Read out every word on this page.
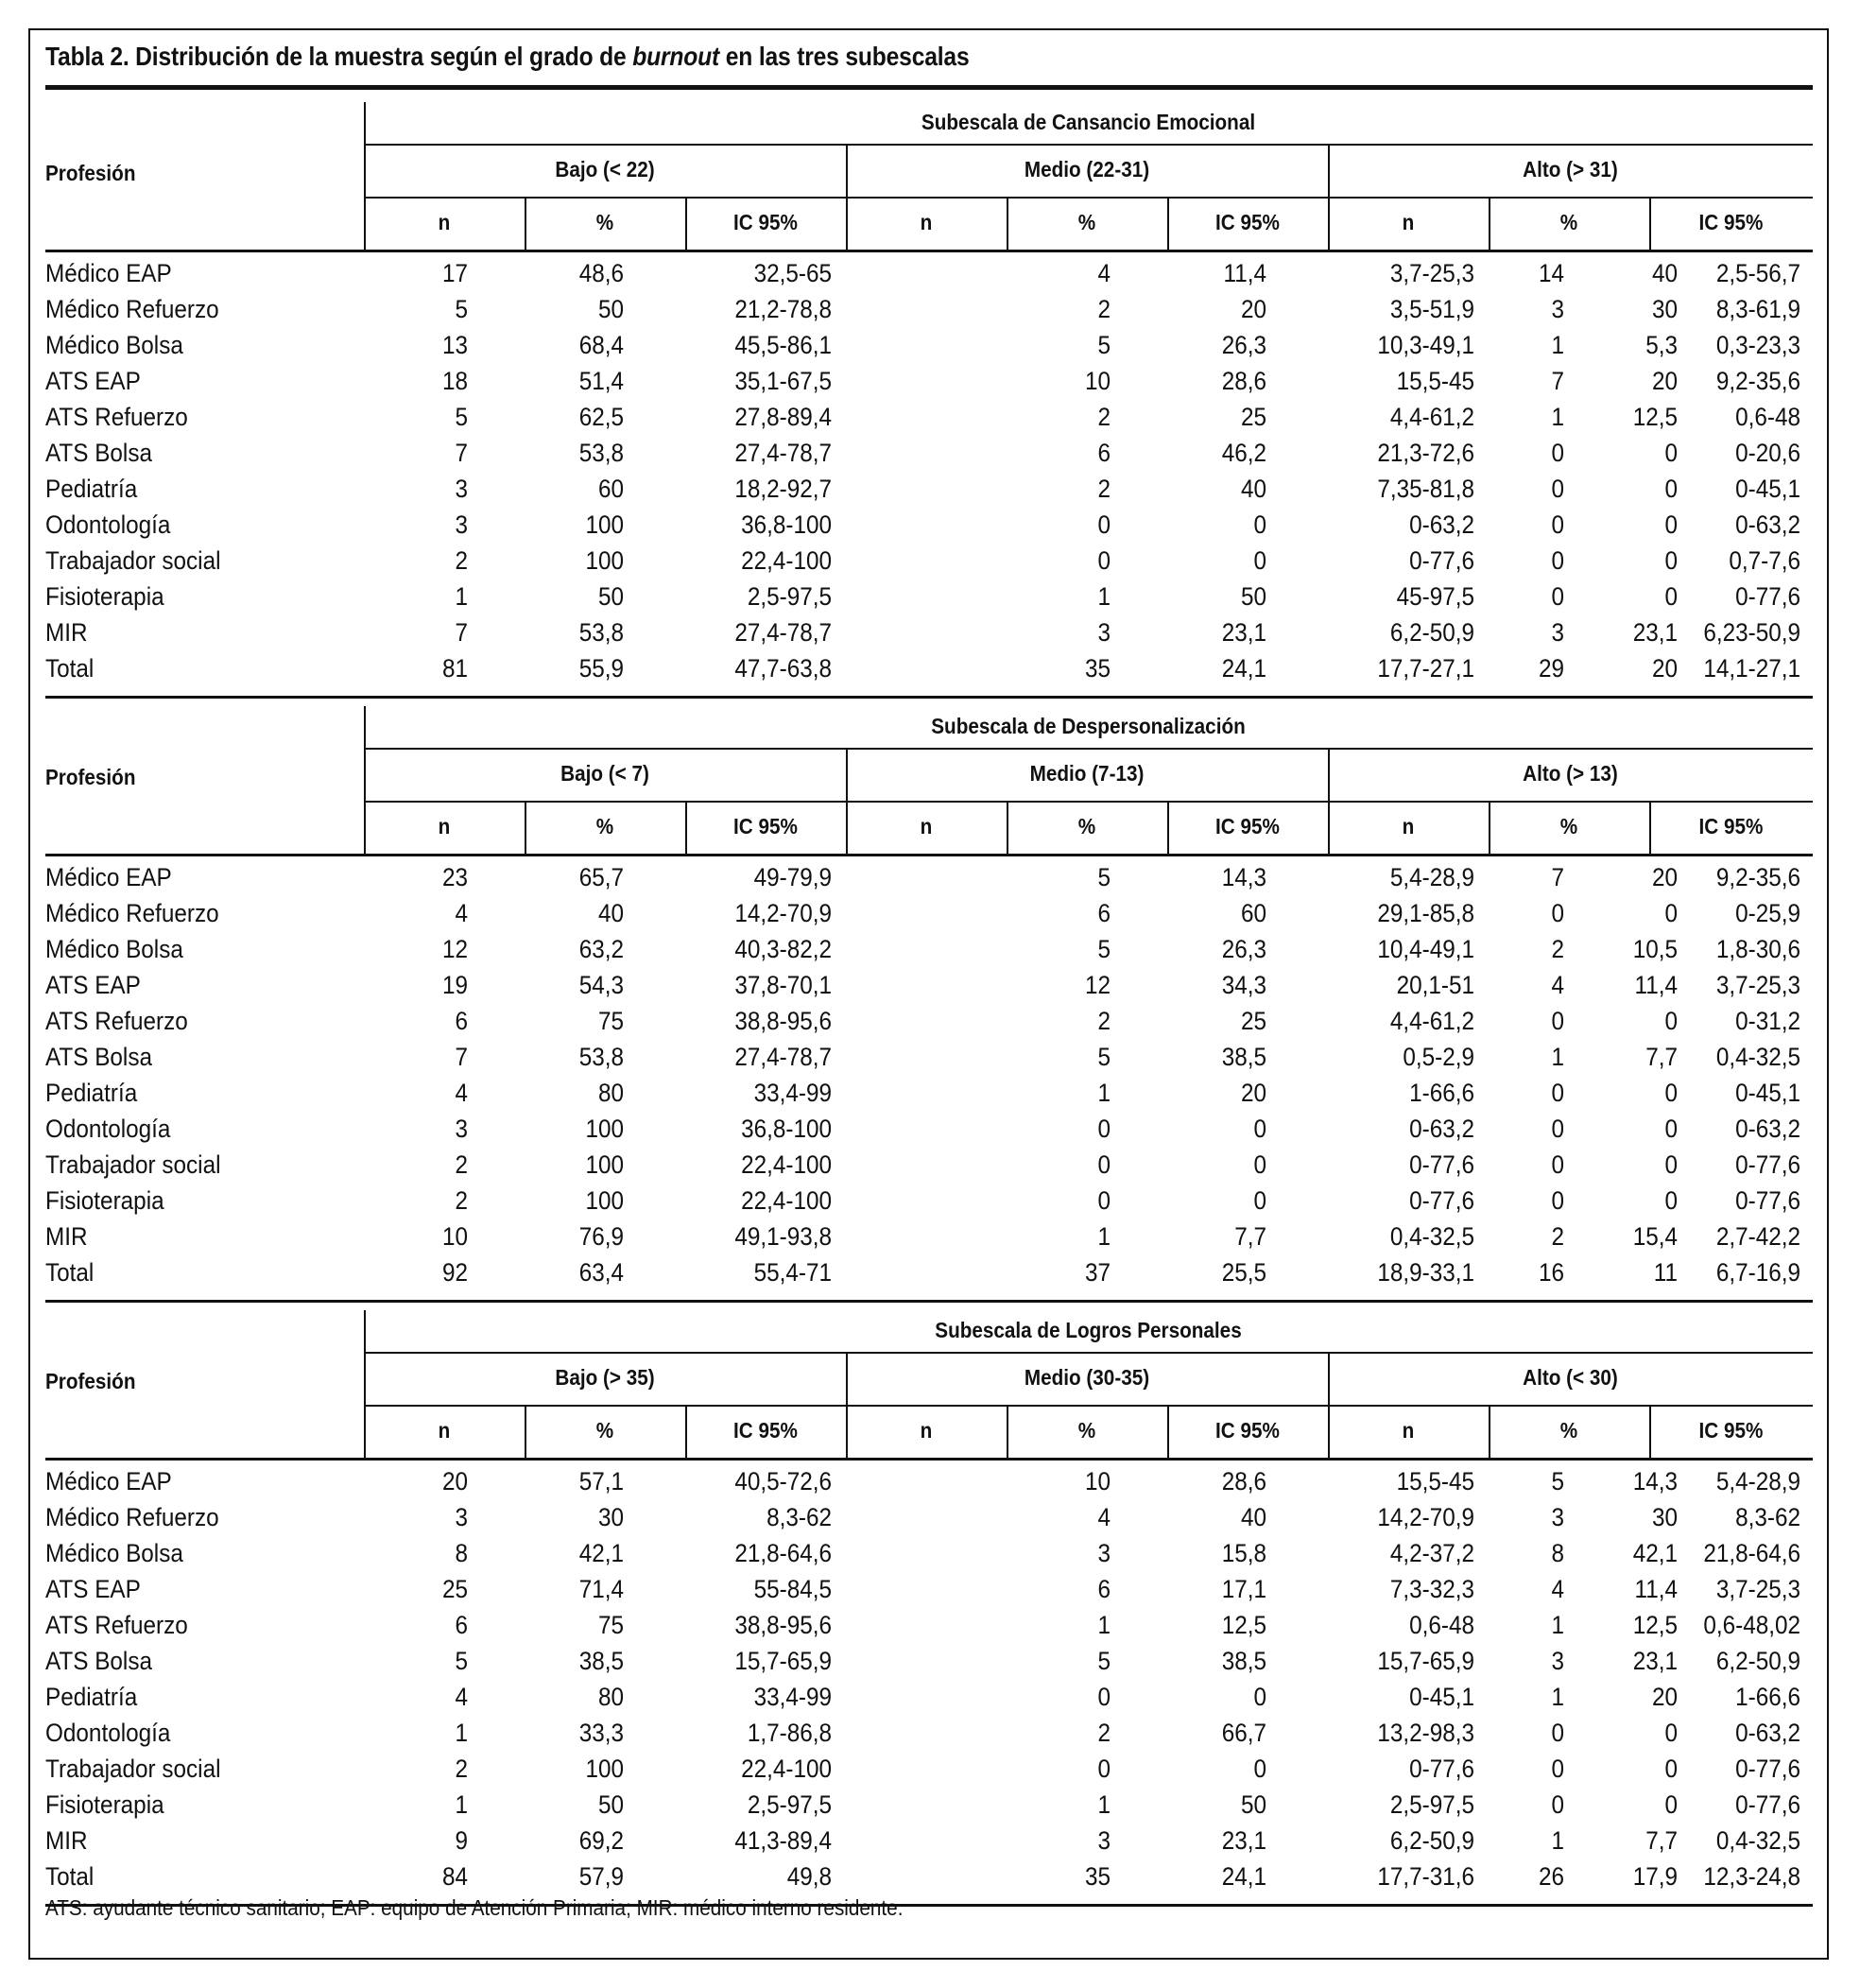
Tabla 2. Distribución de la muestra según el grado de burnout en las tres subescalas
Subescala de Cansancio Emocional
Profesión	Bajo (< 22)	Medio (22-31)	Alto (> 31)
n	%	IC 95%	n	%	IC 95%	n	%	IC 95%
Médico EAP	17	48,6	32,5-65	4	11,4	3,7-25,3	14	40	2,5-56,7
Médico Refuerzo	5	50	21,2-78,8	2	20	3,5-51,9	3	30	8,3-61,9
Médico Bolsa	13	68,4	45,5-86,1	5	26,3	10,3-49,1	1	5,3	0,3-23,3
ATS EAP	18	51,4	35,1-67,5	10	28,6	15,5-45	7	20	9,2-35,6
ATS Refuerzo	5	62,5	27,8-89,4	2	25	4,4-61,2	1	12,5	0,6-48
ATS Bolsa	7	53,8	27,4-78,7	6	46,2	21,3-72,6	0	0	0-20,6
Pediatría	3	60	18,2-92,7	2	40	7,35-81,8	0	0	0-45,1
Odontología	3	100	36,8-100	0	0	0-63,2	0	0	0-63,2
Trabajador social	2	100	22,4-100	0	0	0-77,6	0	0	0,7-7,6
Fisioterapia	1	50	2,5-97,5	1	50	45-97,5	0	0	0-77,6
MIR	7	53,8	27,4-78,7	3	23,1	6,2-50,9	3	23,1	6,23-50,9
Total	81	55,9	47,7-63,8	35	24,1	17,7-27,1	29	20	14,1-27,1
Subescala de Despersonalización
Profesión	Bajo (< 7)	Medio (7-13)	Alto (> 13)
n	%	IC 95%	n	%	IC 95%	n	%	IC 95%
Médico EAP	23	65,7	49-79,9	5	14,3	5,4-28,9	7	20	9,2-35,6
Médico Refuerzo	4	40	14,2-70,9	6	60	29,1-85,8	0	0	0-25,9
Médico Bolsa	12	63,2	40,3-82,2	5	26,3	10,4-49,1	2	10,5	1,8-30,6
ATS EAP	19	54,3	37,8-70,1	12	34,3	20,1-51	4	11,4	3,7-25,3
ATS Refuerzo	6	75	38,8-95,6	2	25	4,4-61,2	0	0	0-31,2
ATS Bolsa	7	53,8	27,4-78,7	5	38,5	0,5-2,9	1	7,7	0,4-32,5
Pediatría	4	80	33,4-99	1	20	1-66,6	0	0	0-45,1
Odontología	3	100	36,8-100	0	0	0-63,2	0	0	0-63,2
Trabajador social	2	100	22,4-100	0	0	0-77,6	0	0	0-77,6
Fisioterapia	2	100	22,4-100	0	0	0-77,6	0	0	0-77,6
MIR	10	76,9	49,1-93,8	1	7,7	0,4-32,5	2	15,4	2,7-42,2
Total	92	63,4	55,4-71	37	25,5	18,9-33,1	16	11	6,7-16,9
Subescala de Logros Personales
Profesión	Bajo (> 35)	Medio (30-35)	Alto (< 30)
n	%	IC 95%	n	%	IC 95%	n	%	IC 95%
Médico EAP	20	57,1	40,5-72,6	10	28,6	15,5-45	5	14,3	5,4-28,9
Médico Refuerzo	3	30	8,3-62	4	40	14,2-70,9	3	30	8,3-62
Médico Bolsa	8	42,1	21,8-64,6	3	15,8	4,2-37,2	8	42,1	21,8-64,6
ATS EAP	25	71,4	55-84,5	6	17,1	7,3-32,3	4	11,4	3,7-25,3
ATS Refuerzo	6	75	38,8-95,6	1	12,5	0,6-48	1	12,5	0,6-48,02
ATS Bolsa	5	38,5	15,7-65,9	5	38,5	15,7-65,9	3	23,1	6,2-50,9
Pediatría	4	80	33,4-99	0	0	0-45,1	1	20	1-66,6
Odontología	1	33,3	1,7-86,8	2	66,7	13,2-98,3	0	0	0-63,2
Trabajador social	2	100	22,4-100	0	0	0-77,6	0	0	0-77,6
Fisioterapia	1	50	2,5-97,5	1	50	2,5-97,5	0	0	0-77,6
MIR	9	69,2	41,3-89,4	3	23,1	6,2-50,9	1	7,7	0,4-32,5
Total	84	57,9	49,8	35	24,1	17,7-31,6	26	17,9	12,3-24,8
ATS: ayudante técnico sanitario; EAP: equipo de Atención Primaria; MIR: médico interno residente.
